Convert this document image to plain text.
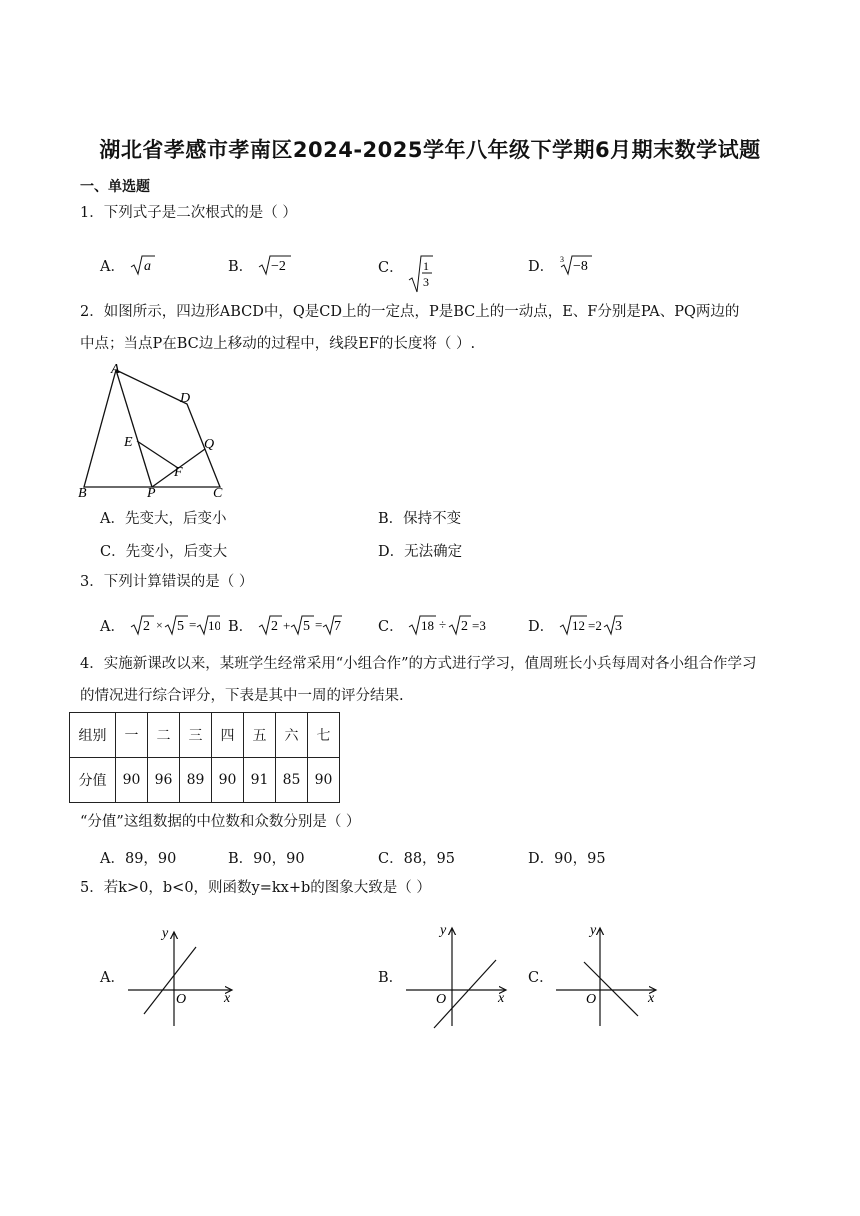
湖北省孝感市孝南区2024-2025学年八年级下学期6月期末数学试题
一、单选题
1．下列式子是二次根式的是（ ）
A． a	B． −2	C． 1
3
D． 3 −8
2．如图所示，四边形ABCD中，Q是CD上的一定点，P是BC上的一动点，E、F分别是PA、PQ两边的
中点；当点P在BC边上移动的过程中，线段EF的长度将（ ）.
A
D
E	Q
F
B	P	C
A．先变大，后变小	B．保持不变
C．先变小，后变大	D．无法确定
3．下列计算错误的是（ ）
A． 2 × 5 = 10 B． 2 + 5 = 7	C． 18 ÷ 2 =3	D． 12 =2 3
4．实施新课改以来，某班学生经常采用“小组合作”的方式进行学习，值周班长小兵每周对各小组合作学习
的情况进行综合评分，下表是其中一周的评分结果.
组别	一	二	三	四	五	六	七
分值	90	96	89	90	91	85	90
“分值”这组数据的中位数和众数分别是（ ）
A．89，90	B．90，90	C．88，95	D．90，95
5．若k>0，b<0，则函数y=kx+b的图象大致是（ ）
A．
x
y
O
B．
x
y
O
C．
x
y
O
